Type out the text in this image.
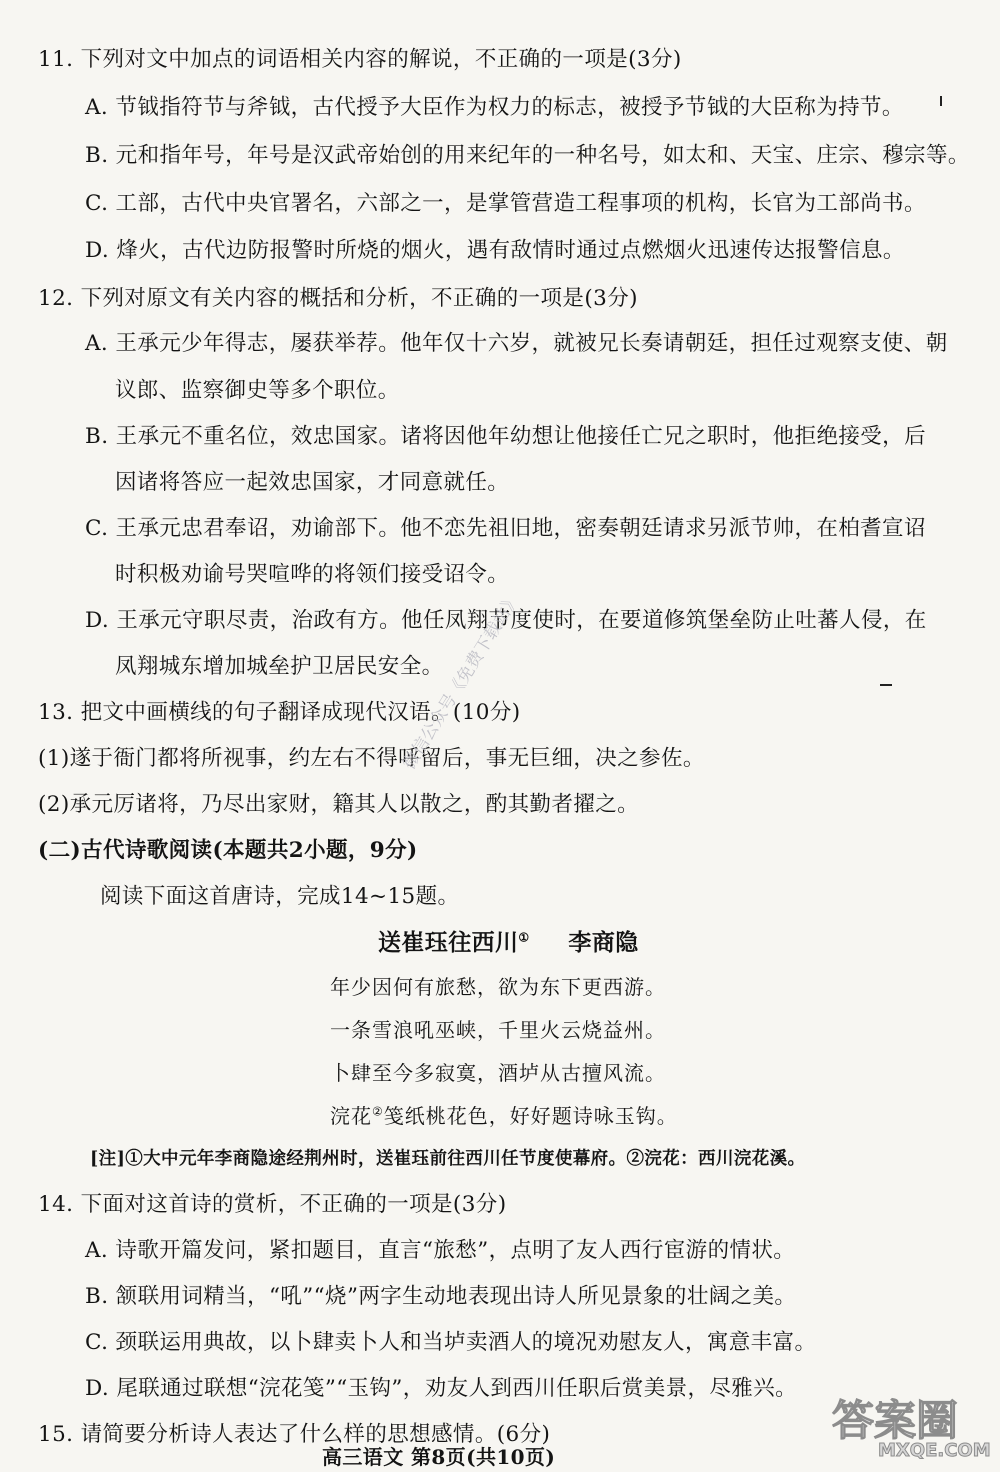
11. 下列对文中加点的词语相关内容的解说，不正确的一项是(3分)
A. 节钺指符节与斧钺，古代授予大臣作为权力的标志，被授予节钺的大臣称为持节。
B. 元和指年号，年号是汉武帝始创的用来纪年的一种名号，如太和、天宝、庄宗、穆宗等。
C. 工部，古代中央官署名，六部之一，是掌管营造工程事项的机构，长官为工部尚书。
D. 烽火，古代边防报警时所烧的烟火，遇有敌情时通过点燃烟火迅速传达报警信息。
12. 下列对原文有关内容的概括和分析，不正确的一项是(3分)
A. 王承元少年得志，屡获举荐。他年仅十六岁，就被兄长奏请朝廷，担任过观察支使、朝
议郎、监察御史等多个职位。
B. 王承元不重名位，效忠国家。诸将因他年幼想让他接任亡兄之职时，他拒绝接受，后
因诸将答应一起效忠国家，才同意就任。
C. 王承元忠君奉诏，劝谕部下。他不恋先祖旧地，密奏朝廷请求另派节帅，在柏耆宣诏
时积极劝谕号哭喧哗的将领们接受诏令。
D. 王承元守职尽责，治政有方。他任凤翔节度使时，在要道修筑堡垒防止吐蕃人侵，在
凤翔城东增加城垒护卫居民安全。
13. 把文中画横线的句子翻译成现代汉语。(10分)
(1)遂于衙门都将所视事，约左右不得呼留后，事无巨细，决之参佐。
(2)承元厉诸将，乃尽出家财，籍其人以散之，酌其勤者擢之。
(二)古代诗歌阅读(本题共2小题，9分)
阅读下面这首唐诗，完成14~15题。
送崔珏往西川① 李商隐
年少因何有旅愁，欲为东下更西游。
一条雪浪吼巫峡，千里火云烧益州。
卜肆至今多寂寞，酒垆从古擅风流。
浣花②笺纸桃花色，好好题诗咏玉钩。
[注]①大中元年李商隐途经荆州时，送崔珏前往西川任节度使幕府。②浣花：西川浣花溪。
14. 下面对这首诗的赏析，不正确的一项是(3分)
A. 诗歌开篇发问，紧扣题目，直言“旅愁”，点明了友人西行宦游的情状。
B. 颔联用词精当，“吼”“烧”两字生动地表现出诗人所见景象的壮阔之美。
C. 颈联运用典故，以卜肆卖卜人和当垆卖酒人的境况劝慰友人，寓意丰富。
D. 尾联通过联想“浣花笺”“玉钩”，劝友人到西川任职后赏美景，尽雅兴。
15. 请简要分析诗人表达了什么样的思想感情。(6分)
高三语文 第8页(共10页)
微信公众号《免费下载站》
答案圈
MXQE.COM
